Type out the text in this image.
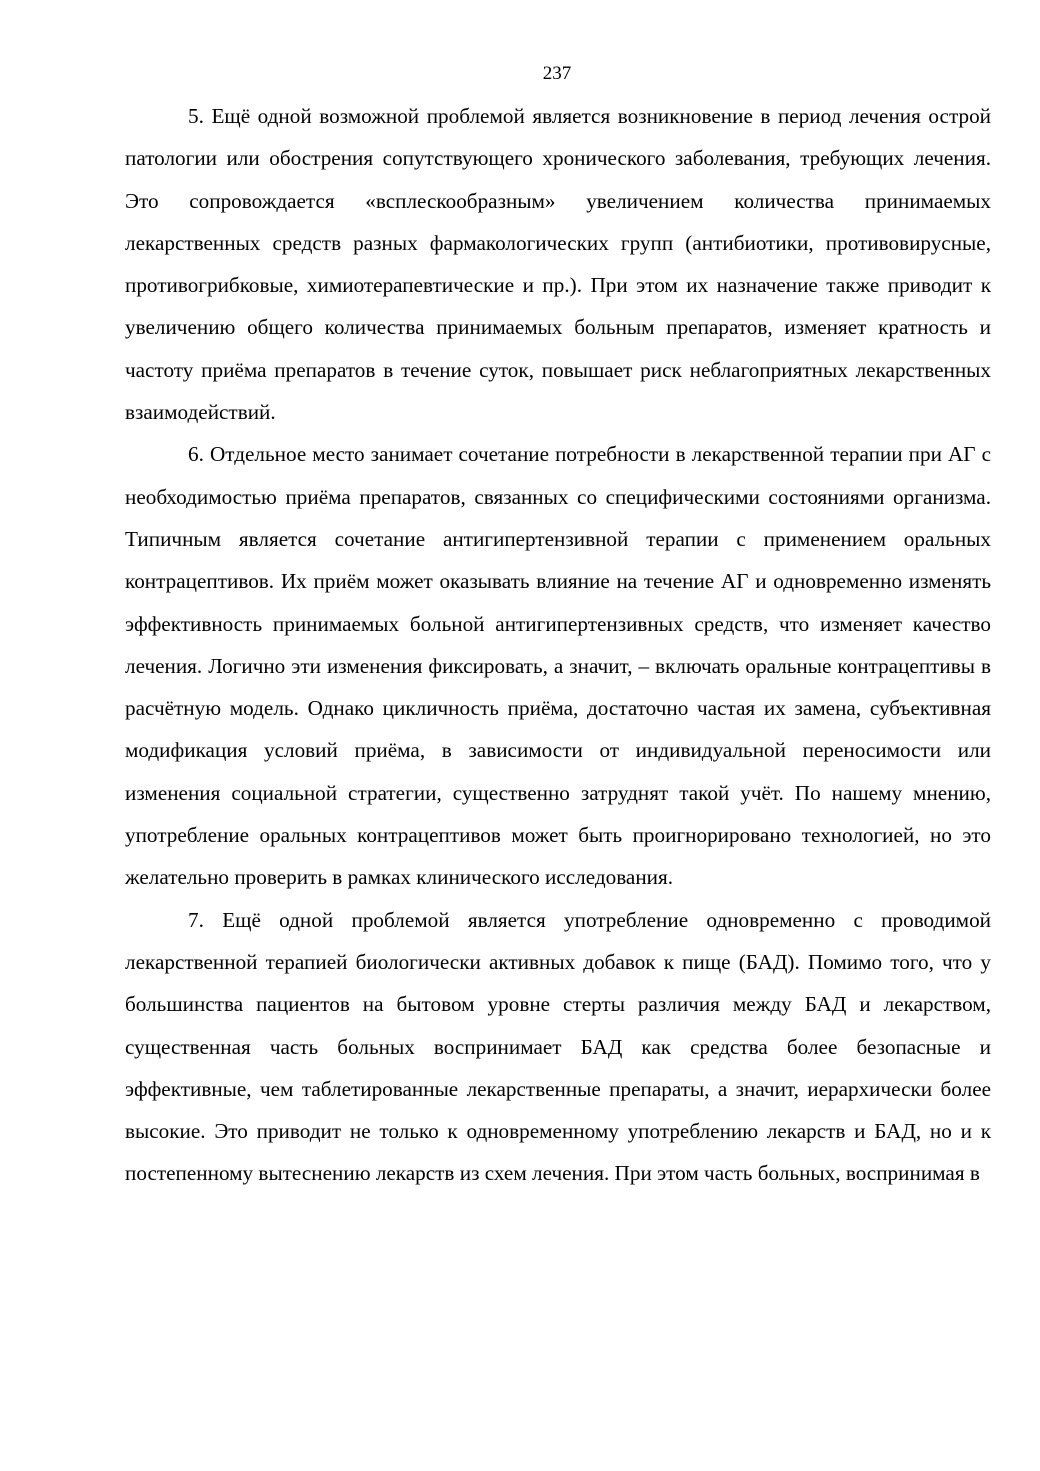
237

5. Ещё одной возможной проблемой является возникновение в период лечения острой патологии или обострения сопутствующего хронического заболевания, требующих лечения. Это сопровождается «всплескообразным» увеличением количества принимаемых лекарственных средств разных фармакологических групп (антибиотики, противовирусные, противогрибковые, химиотерапевтические и пр.). При этом их назначение также приводит к увеличению общего количества принимаемых больным препаратов, изменяет кратность и частоту приёма препаратов в течение суток, повышает риск неблагоприятных лекарственных взаимодействий.

6. Отдельное место занимает сочетание потребности в лекарственной терапии при АГ с необходимостью приёма препаратов, связанных со специфическими состояниями организма. Типичным является сочетание антигипертензивной терапии с применением оральных контрацептивов. Их приём может оказывать влияние на течение АГ и одновременно изменять эффективность принимаемых больной антигипертензивных средств, что изменяет качество лечения. Логично эти изменения фиксировать, а значит, – включать оральные контрацептивы в расчётную модель. Однако цикличность приёма, достаточно частая их замена, субъективная модификация условий приёма, в зависимости от индивидуальной переносимости или изменения социальной стратегии, существенно затруднят такой учёт. По нашему мнению, употребление оральных контрацептивов может быть проигнорировано технологией, но это желательно проверить в рамках клинического исследования.

7. Ещё одной проблемой является употребление одновременно с проводимой лекарственной терапией биологически активных добавок к пище (БАД). Помимо того, что у большинства пациентов на бытовом уровне стерты различия между БАД и лекарством, существенная часть больных воспринимает БАД как средства более безопасные и эффективные, чем таблетированные лекарственные препараты, а значит, иерархически более высокие. Это приводит не только к одновременному употреблению лекарств и БАД, но и к постепенному вытеснению лекарств из схем лечения. При этом часть больных, воспринимая в
